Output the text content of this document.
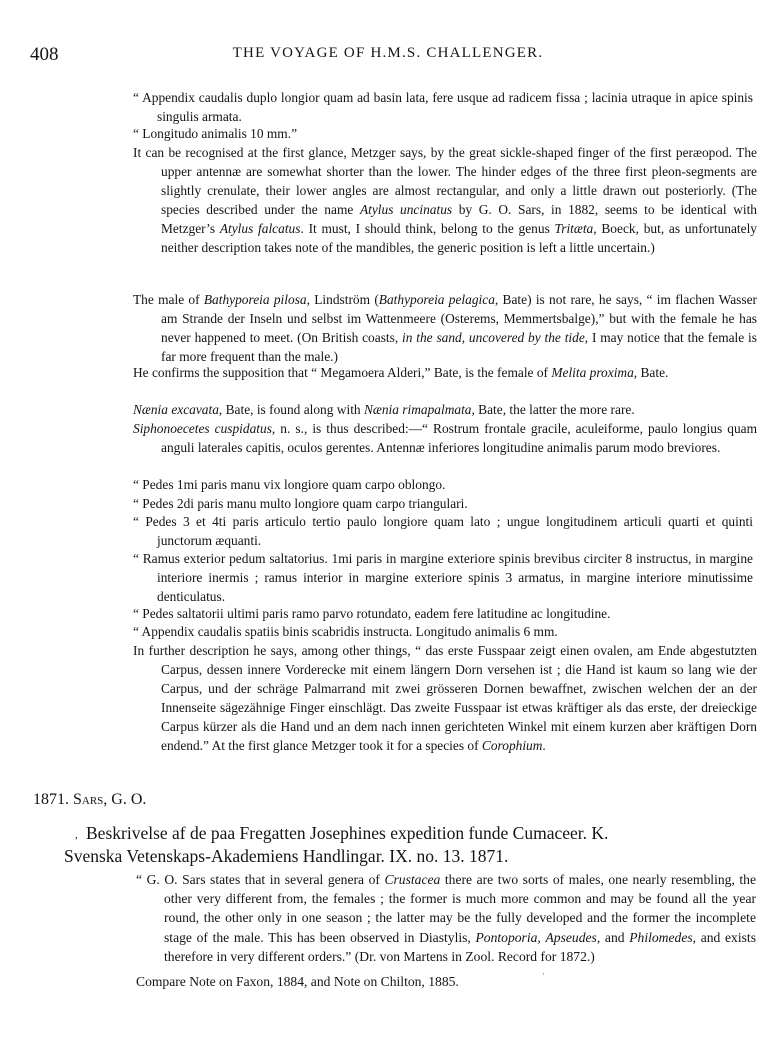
408	THE VOYAGE OF H.M.S. CHALLENGER.

“ Appendix caudalis duplo longior quam ad basin lata, fere usque ad radicem fissa ; lacinia utraque in apice spinis singulis armata.

“ Longitudo animalis 10 mm.”

It can be recognised at the first glance, Metzger says, by the great sickle-shaped finger of the first peræopod. The upper antennæ are somewhat shorter than the lower. The hinder edges of the three first pleon-segments are slightly crenulate, their lower angles are almost rectangular, and only a little drawn out posteriorly. (The species described under the name Atylus uncinatus by G. O. Sars, in 1882, seems to be identical with Metzger’s Atylus falcatus. It must, I should think, belong to the genus Tritæta, Boeck, but, as unfortunately neither description takes note of the mandibles, the generic position is left a little uncertain.)

The male of Bathyporeia pilosa, Lindström (Bathyporeia pelagica, Bate) is not rare, he says, “ im flachen Wasser am Strande der Inseln und selbst im Wattenmeere (Osterems, Memmertsbalge),” but with the female he has never happened to meet. (On British coasts, in the sand, uncovered by the tide, I may notice that the female is far more frequent than the male.)

He confirms the supposition that “ Megamoera Alderi,” Bate, is the female of Melita proxima, Bate.

Nænia excavata, Bate, is found along with Nænia rimapalmata, Bate, the latter the more rare.

Siphonoecetes cuspidatus, n. s., is thus described:—“ Rostrum frontale gracile, aculeiforme, paulo longius quam anguli laterales capitis, oculos gerentes. Antennæ inferiores longitudine animalis parum modo breviores.

“ Pedes 1mi paris manu vix longiore quam carpo oblongo.

“ Pedes 2di paris manu multo longiore quam carpo triangulari.

“ Pedes 3 et 4ti paris articulo tertio paulo longiore quam lato ; ungue longitudinem articuli quarti et quinti junctorum æquanti.

“ Ramus exterior pedum saltatorius. 1mi paris in margine exteriore spinis brevibus circiter 8 instructus, in margine interiore inermis ; ramus interior in margine exteriore spinis 3 armatus, in margine interiore minutissime denticulatus.

“ Pedes saltatorii ultimi paris ramo parvo rotundato, eadem fere latitudine ac longitudine.

“ Appendix caudalis spatiis binis scabridis instructa. Longitudo animalis 6 mm.

In further description he says, among other things, “ das erste Fusspaar zeigt einen ovalen, am Ende abgestutzten Carpus, dessen innere Vorderecke mit einem längern Dorn versehen ist ; die Hand ist kaum so lang wie der Carpus, und der schräge Palmarrand mit zwei grösseren Dornen bewaffnet, zwischen welchen der an der Innenseite sägezähnige Finger einschlägt. Das zweite Fusspaar ist etwas kräftiger als das erste, der dreieckige Carpus kürzer als die Hand und an dem nach innen gerichteten Winkel mit einem kurzen aber kräftigen Dorn endend.” At the first glance Metzger took it for a species of Corophium.

1871. Sars, G. O.

, Beskrivelse af de paa Fregatten Josephines expedition funde Cumaceer. K.

Svenska Vetenskaps-Akademiens Handlingar. IX. no. 13. 1871.

“ G. O. Sars states that in several genera of Crustacea there are two sorts of males, one nearly resembling, the other very different from, the females ; the former is much more common and may be found all the year round, the other only in one season ; the latter may be the fully developed and the former the incomplete stage of the male. This has been observed in Diastylis, Pontoporia, Apseudes, and Philomedes, and exists therefore in very different orders.” (Dr. von Martens in Zool. Record for 1872.)

·

Compare Note on Faxon, 1884, and Note on Chilton, 1885.
